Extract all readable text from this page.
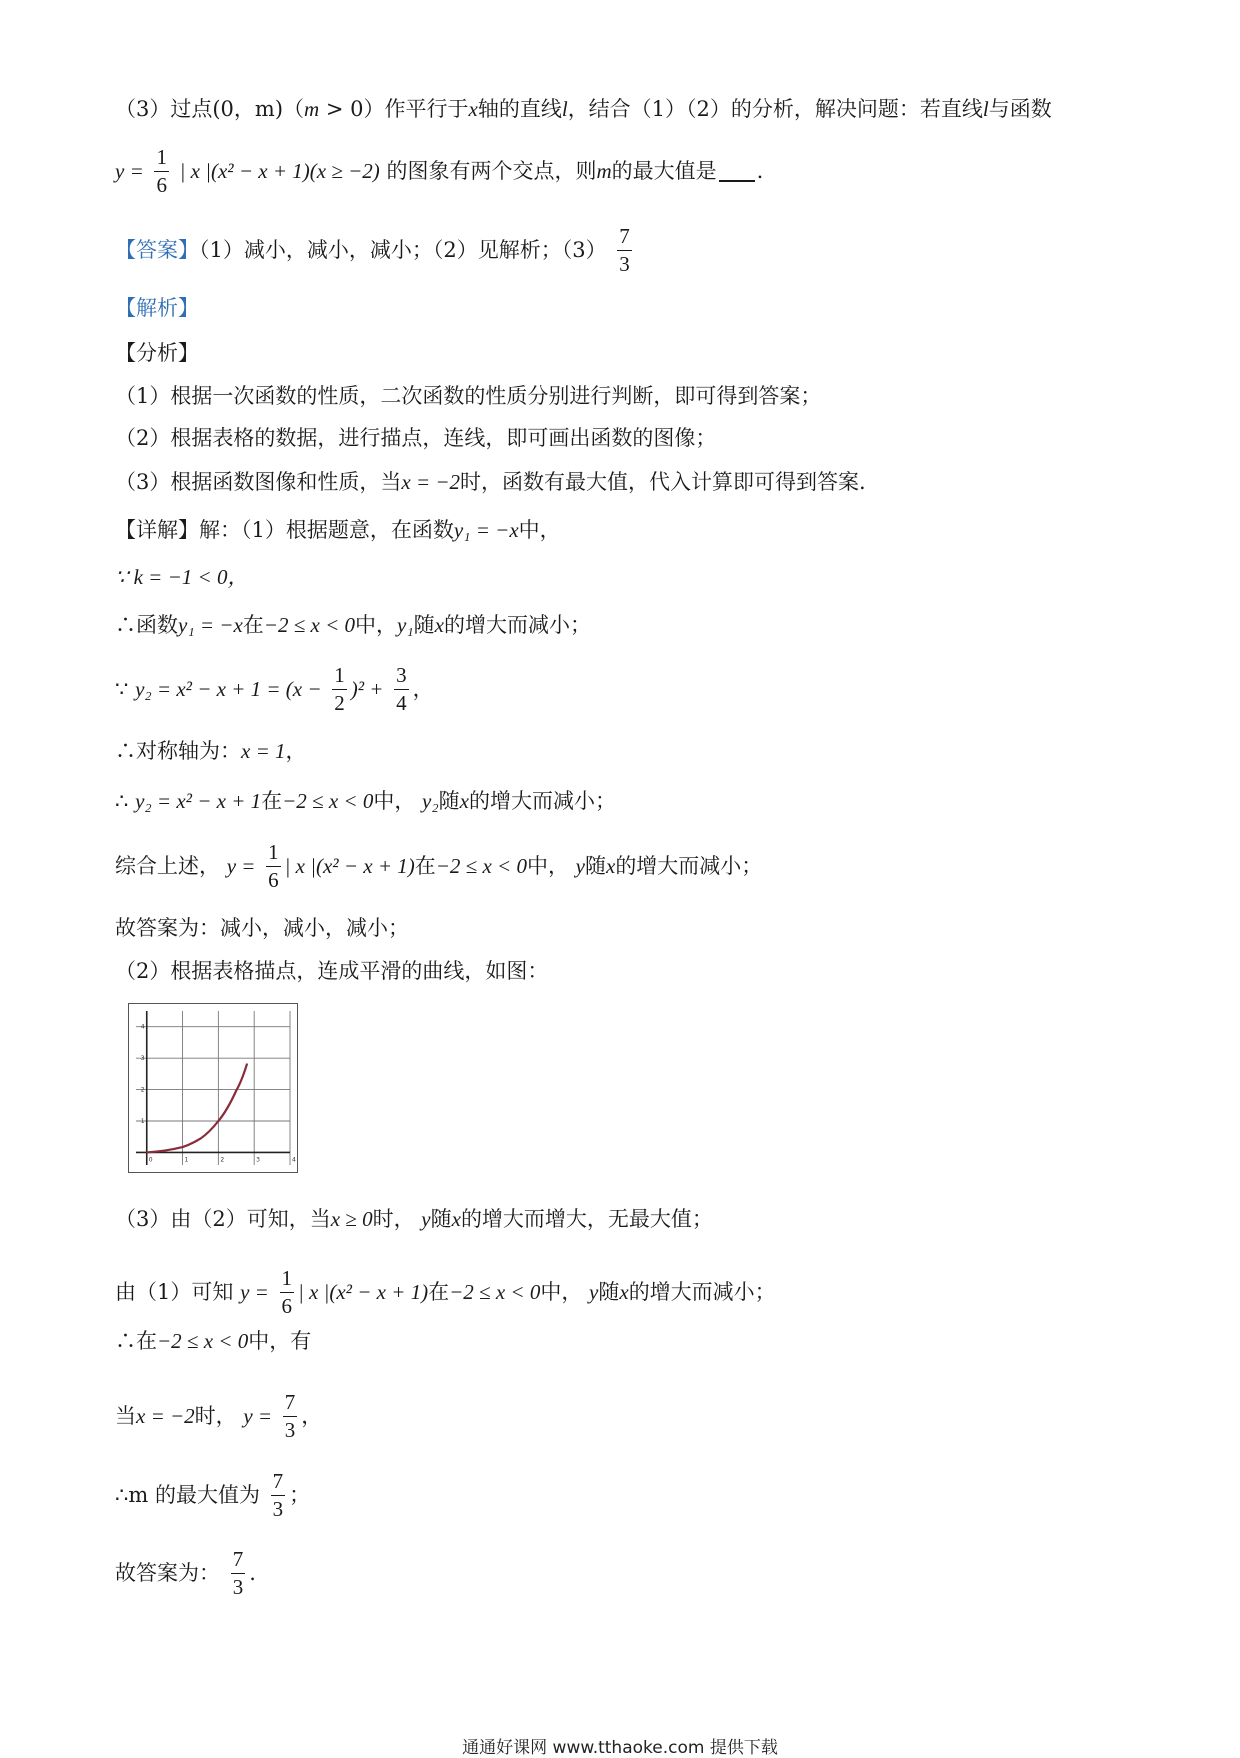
（3）过点(0，m)（m > 0）作平行于x轴的直线l，结合（1）（2）的分析，解决问题：若直线l与函数
$y = \frac{1}{6}$ | x |(x² − x + 1)(x ≥ −2) 的图象有两个交点，则m的最大值是 .
【答案】（1）减小，减小，减小；（2）见解析；$(3) \frac{7}{3}$
【解析】
【分析】
（1）根据一次函数的性质，二次函数的性质分别进行判断，即可得到答案；
（2）根据表格的数据，进行描点，连线，即可画出函数的图像；
（3）根据函数图像和性质，当x = −2时，函数有最大值，代入计算即可得到答案.
【详解】解：（1）根据题意，在函数y₁ = −x中，
∵ k = −1 < 0，
∴函数y₁ = −x在−2 ≤ x < 0中，y₁随x的增大而减小；
∵ $y_2 = x^2 - x + 1 = (x - \frac{1}{2} )^2 + \frac{3}{4}$ ，
∴对称轴为：x = 1，
∴ y₂ = x² − x + 1在−2 ≤ x < 0中， y₂随x的增大而减小；
综合上述， $y = \frac{1}{6}$ | x |(x² − x + 1)在−2 ≤ x < 0中， y随x的增大而减小；
故答案为：减小，减小，减小；
（2）根据表格描点，连成平滑的曲线，如图：
0	1	2	3	4
1
2
3
4
（3）由（2）可知，当x ≥ 0时， y随x的增大而增大，无最大值；
由（1）可知 $y = \frac{1}{6}$ | x |(x² − x + 1)在−2 ≤ x < 0中， y随x的增大而减小；
∴在−2 ≤ x < 0中，有
当x = −2时， $y = \frac{7}{3}$ ，
∴m 的最大值为 $\frac{7}{3}$ ；
故答案为： $\frac{7}{3}$ .
通通好课网 www.tthaoke.com 提供下载
